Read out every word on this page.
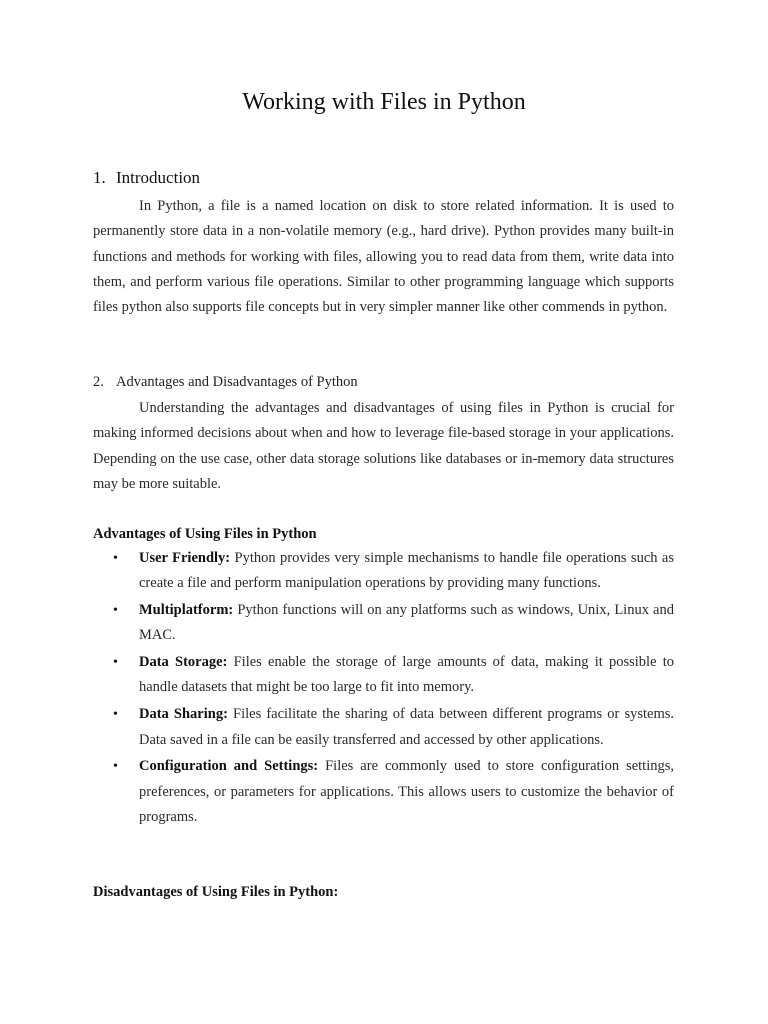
Working with Files in Python
1. Introduction

In Python, a file is a named location on disk to store related information. It is used to permanently store data in a non-volatile memory (e.g., hard drive). Python provides many built-in functions and methods for working with files, allowing you to read data from them, write data into them, and perform various file operations. Similar to other programming language which supports files python also supports file concepts but in very simpler manner like other commends in python.

2. Advantages and Disadvantages of Python

Understanding the advantages and disadvantages of using files in Python is crucial for making informed decisions about when and how to leverage file-based storage in your applications. Depending on the use case, other data storage solutions like databases or in-memory data structures may be more suitable.

Advantages of Using Files in Python

• User Friendly: Python provides very simple mechanisms to handle file operations such as create a file and perform manipulation operations by providing many functions.
• Multiplatform: Python functions will on any platforms such as windows, Unix, Linux and MAC.
• Data Storage: Files enable the storage of large amounts of data, making it possible to handle datasets that might be too large to fit into memory.
• Data Sharing: Files facilitate the sharing of data between different programs or systems. Data saved in a file can be easily transferred and accessed by other applications.
• Configuration and Settings: Files are commonly used to store configuration settings, preferences, or parameters for applications. This allows users to customize the behavior of programs.

Disadvantages of Using Files in Python:
